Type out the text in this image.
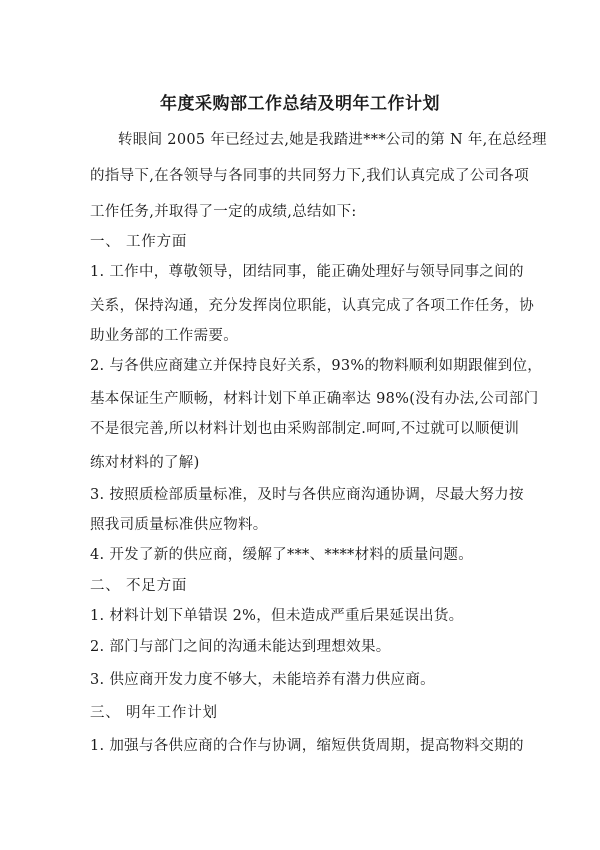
年度采购部工作总结及明年工作计划

转眼间 2005 年已经过去,她是我踏进***公司的第 N 年,在总经理

的指导下,在各领导与各同事的共同努力下,我们认真完成了公司各项

工作任务,并取得了一定的成绩,总结如下:

一、 工作方面

1. 工作中，尊敬领导，团结同事，能正确处理好与领导同事之间的

关系，保持沟通，充分发挥岗位职能，认真完成了各项工作任务，协

助业务部的工作需要。

2. 与各供应商建立并保持良好关系，93%的物料顺利如期跟催到位，

基本保证生产顺畅，材料计划下单正确率达 98%(没有办法,公司部门

不是很完善,所以材料计划也由采购部制定.呵呵,不过就可以顺便训

练对材料的了解)

3. 按照质检部质量标准，及时与各供应商沟通协调，尽最大努力按

照我司质量标准供应物料。

4. 开发了新的供应商，缓解了***、****材料的质量问题。

二、 不足方面

1. 材料计划下单错误 2%，但未造成严重后果延误出货。

2. 部门与部门之间的沟通未能达到理想效果。

3. 供应商开发力度不够大，未能培养有潜力供应商。

三、 明年工作计划

1. 加强与各供应商的合作与协调，缩短供货周期，提高物料交期的
